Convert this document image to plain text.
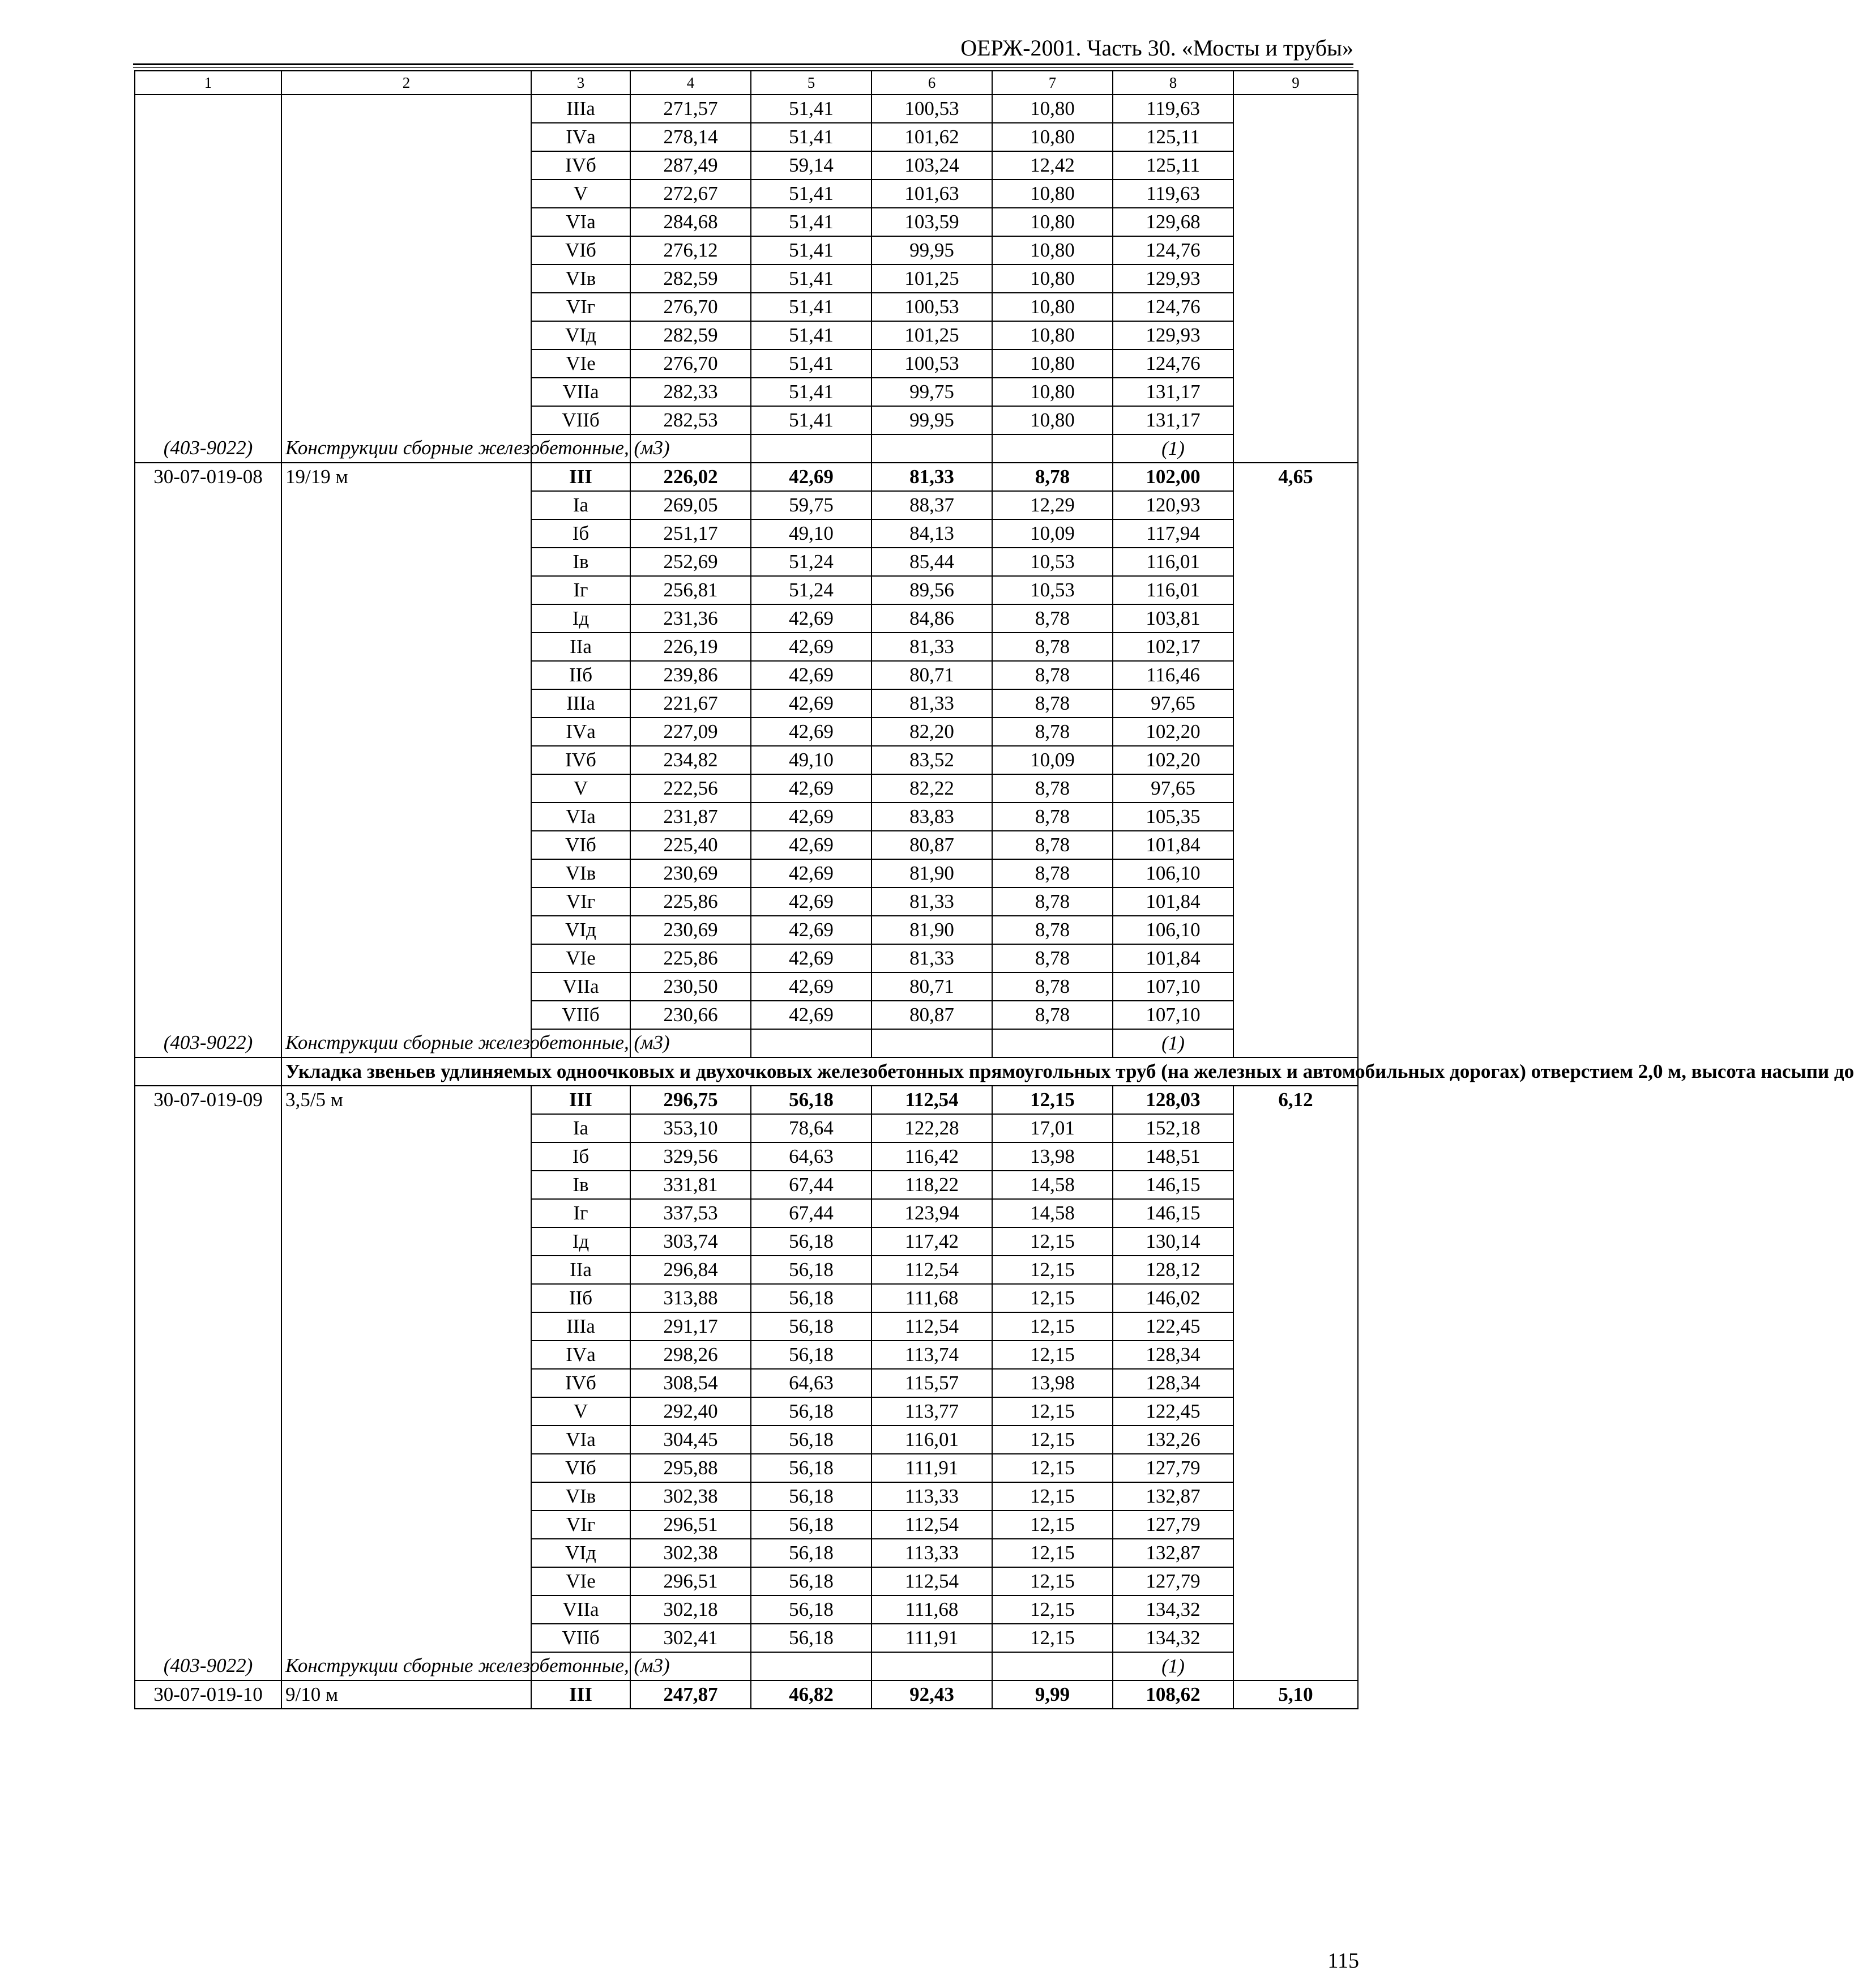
ОЕРЖ-2001. Часть 30. «Мосты и трубы»
1	2	3	4	5	6	7	8	9
		IIIа	271,57	51,41	100,53	10,80	119,63	
		IVа	278,14	51,41	101,62	10,80	125,11	
		IVб	287,49	59,14	103,24	12,42	125,11	
		V	272,67	51,41	101,63	10,80	119,63	
		VIа	284,68	51,41	103,59	10,80	129,68	
		VIб	276,12	51,41	99,95	10,80	124,76	
		VIв	282,59	51,41	101,25	10,80	129,93	
		VIг	276,70	51,41	100,53	10,80	124,76	
		VIд	282,59	51,41	101,25	10,80	129,93	
		VIе	276,70	51,41	100,53	10,80	124,76	
		VIIа	282,33	51,41	99,75	10,80	131,17	
		VIIб	282,53	51,41	99,95	10,80	131,17	
(403-9022)	Конструкции сборные железобетонные, (м3)						(1)	
30-07-019-08	19/19 м	III	226,02	42,69	81,33	8,78	102,00	4,65
		Iа	269,05	59,75	88,37	12,29	120,93	
		Iб	251,17	49,10	84,13	10,09	117,94	
		Iв	252,69	51,24	85,44	10,53	116,01	
		Iг	256,81	51,24	89,56	10,53	116,01	
		Iд	231,36	42,69	84,86	8,78	103,81	
		IIа	226,19	42,69	81,33	8,78	102,17	
		IIб	239,86	42,69	80,71	8,78	116,46	
		IIIа	221,67	42,69	81,33	8,78	97,65	
		IVа	227,09	42,69	82,20	8,78	102,20	
		IVб	234,82	49,10	83,52	10,09	102,20	
		V	222,56	42,69	82,22	8,78	97,65	
		VIа	231,87	42,69	83,83	8,78	105,35	
		VIб	225,40	42,69	80,87	8,78	101,84	
		VIв	230,69	42,69	81,90	8,78	106,10	
		VIг	225,86	42,69	81,33	8,78	101,84	
		VIд	230,69	42,69	81,90	8,78	106,10	
		VIе	225,86	42,69	81,33	8,78	101,84	
		VIIа	230,50	42,69	80,71	8,78	107,10	
		VIIб	230,66	42,69	80,87	8,78	107,10	
(403-9022)	Конструкции сборные железобетонные, (м3)						(1)	
	Укладка звеньев удлиняемых одноочковых и двухочковых железобетонных прямоугольных труб (на железных и автомобильных дорогах) отверстием 2,0 м, высота насыпи до							
30-07-019-09	3,5/5 м	III	296,75	56,18	112,54	12,15	128,03	6,12
		Iа	353,10	78,64	122,28	17,01	152,18	
		Iб	329,56	64,63	116,42	13,98	148,51	
		Iв	331,81	67,44	118,22	14,58	146,15	
		Iг	337,53	67,44	123,94	14,58	146,15	
		Iд	303,74	56,18	117,42	12,15	130,14	
		IIа	296,84	56,18	112,54	12,15	128,12	
		IIб	313,88	56,18	111,68	12,15	146,02	
		IIIа	291,17	56,18	112,54	12,15	122,45	
		IVа	298,26	56,18	113,74	12,15	128,34	
		IVб	308,54	64,63	115,57	13,98	128,34	
		V	292,40	56,18	113,77	12,15	122,45	
		VIа	304,45	56,18	116,01	12,15	132,26	
		VIб	295,88	56,18	111,91	12,15	127,79	
		VIв	302,38	56,18	113,33	12,15	132,87	
		VIг	296,51	56,18	112,54	12,15	127,79	
		VIд	302,38	56,18	113,33	12,15	132,87	
		VIе	296,51	56,18	112,54	12,15	127,79	
		VIIа	302,18	56,18	111,68	12,15	134,32	
		VIIб	302,41	56,18	111,91	12,15	134,32	
(403-9022)	Конструкции сборные железобетонные, (м3)						(1)	
30-07-019-10	9/10 м	III	247,87	46,82	92,43	9,99	108,62	5,10
115
